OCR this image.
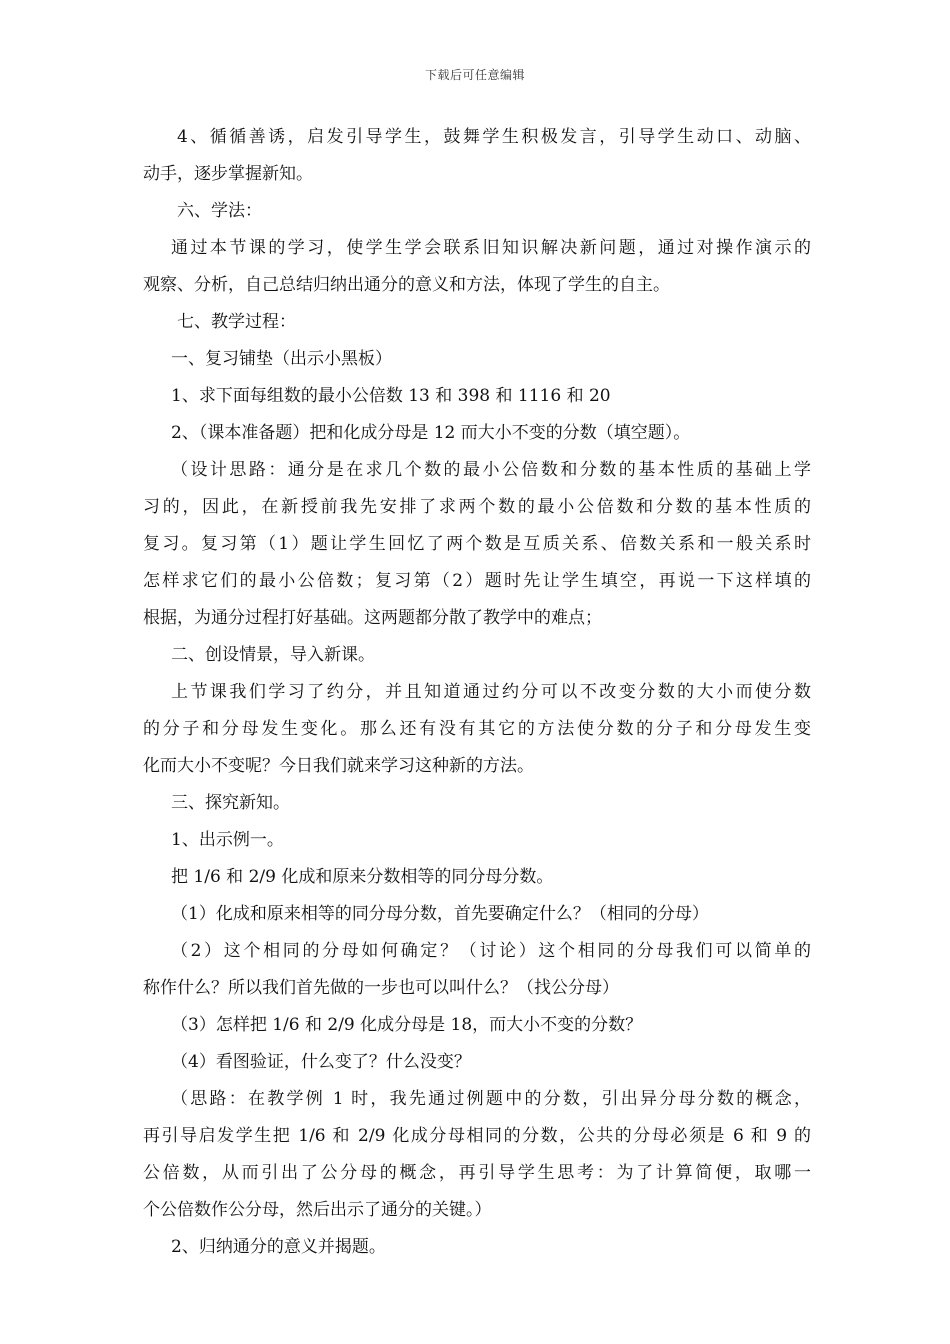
下载后可任意编辑
4、循循善诱，启发引导学生，鼓舞学生积极发言，引导学生动口、动脑、
动手，逐步掌握新知。
六、学法：
通过本节课的学习，使学生学会联系旧知识解决新问题，通过对操作演示的
观察、分析，自己总结归纳出通分的意义和方法，体现了学生的自主。
七、教学过程：
一、复习铺垫（出示小黑板）
1、求下面每组数的最小公倍数 13 和 398 和 1116 和 20
2、（课本准备题）把和化成分母是 12 而大小不变的分数（填空题）。
（设计思路：通分是在求几个数的最小公倍数和分数的基本性质的基础上学
习的，因此，在新授前我先安排了求两个数的最小公倍数和分数的基本性质的
复习。复习第（1）题让学生回忆了两个数是互质关系、倍数关系和一般关系时
怎样求它们的最小公倍数；复习第（2）题时先让学生填空，再说一下这样填的
根据，为通分过程打好基础。这两题都分散了教学中的难点；
二、创设情景，导入新课。
上节课我们学习了约分，并且知道通过约分可以不改变分数的大小而使分数
的分子和分母发生变化。那么还有没有其它的方法使分数的分子和分母发生变
化而大小不变呢？今日我们就来学习这种新的方法。
三、探究新知。
1、出示例一。
把 1/6 和 2/9 化成和原来分数相等的同分母分数。
（1）化成和原来相等的同分母分数，首先要确定什么？（相同的分母）
（2）这个相同的分母如何确定？（讨论）这个相同的分母我们可以简单的
称作什么？所以我们首先做的一步也可以叫什么？（找公分母）
（3）怎样把 1/6 和 2/9 化成分母是 18，而大小不变的分数？
（4）看图验证，什么变了？什么没变？
（思路：在教学例 1 时，我先通过例题中的分数，引出异分母分数的概念，
再引导启发学生把 1/6 和 2/9 化成分母相同的分数，公共的分母必须是 6 和 9 的
公倍数，从而引出了公分母的概念，再引导学生思考：为了计算简便，取哪一
个公倍数作公分母，然后出示了通分的关键。）
2、归纳通分的意义并揭题。
